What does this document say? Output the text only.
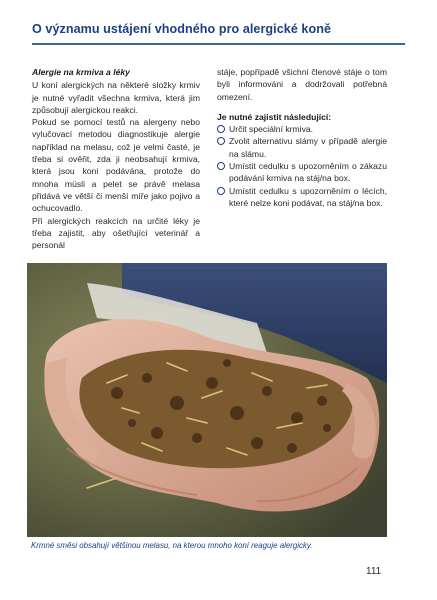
O významu ustájení vhodného pro alergické koně

Alergie na krmiva a léky

U koní alergických na některé složky krmiv je nutné vyřadit všechna krmiva, která jim způsobují alergickou reakci.

Pokud se pomocí testů na alergeny nebo vylučovací metodou diagnostikuje alergie například na melasu, což je velmi časté, je třeba si ověřit, zda ji neobsahují krmiva, která jsou koni podávána, protože do mnoha müsli a pelet se právě melasa přidává ve větší či menší míře jako pojivo a ochucovadlo.

Při alergických reakcích na určité léky je třeba zajistit, aby ošetřující veterinář a personál

stáje, popřípadě všichni členové stáje o tom byli informováni a dodržovali potřebná omezení.

Je nutné zajistit následující:

Určit speciální krmiva.
Zvolit alternativu slámy v případě alergie na slámu.
Umístit cedulku s upozorněním o zákazu podávání krmiva na stáj/na box.
Umístit cedulku s upozorněním o lécích, které nelze koni podávat, na stáj/na box.
Krmné směsi obsahují většinou melasu, na kterou mnoho koní reaguje alergicky.
111
